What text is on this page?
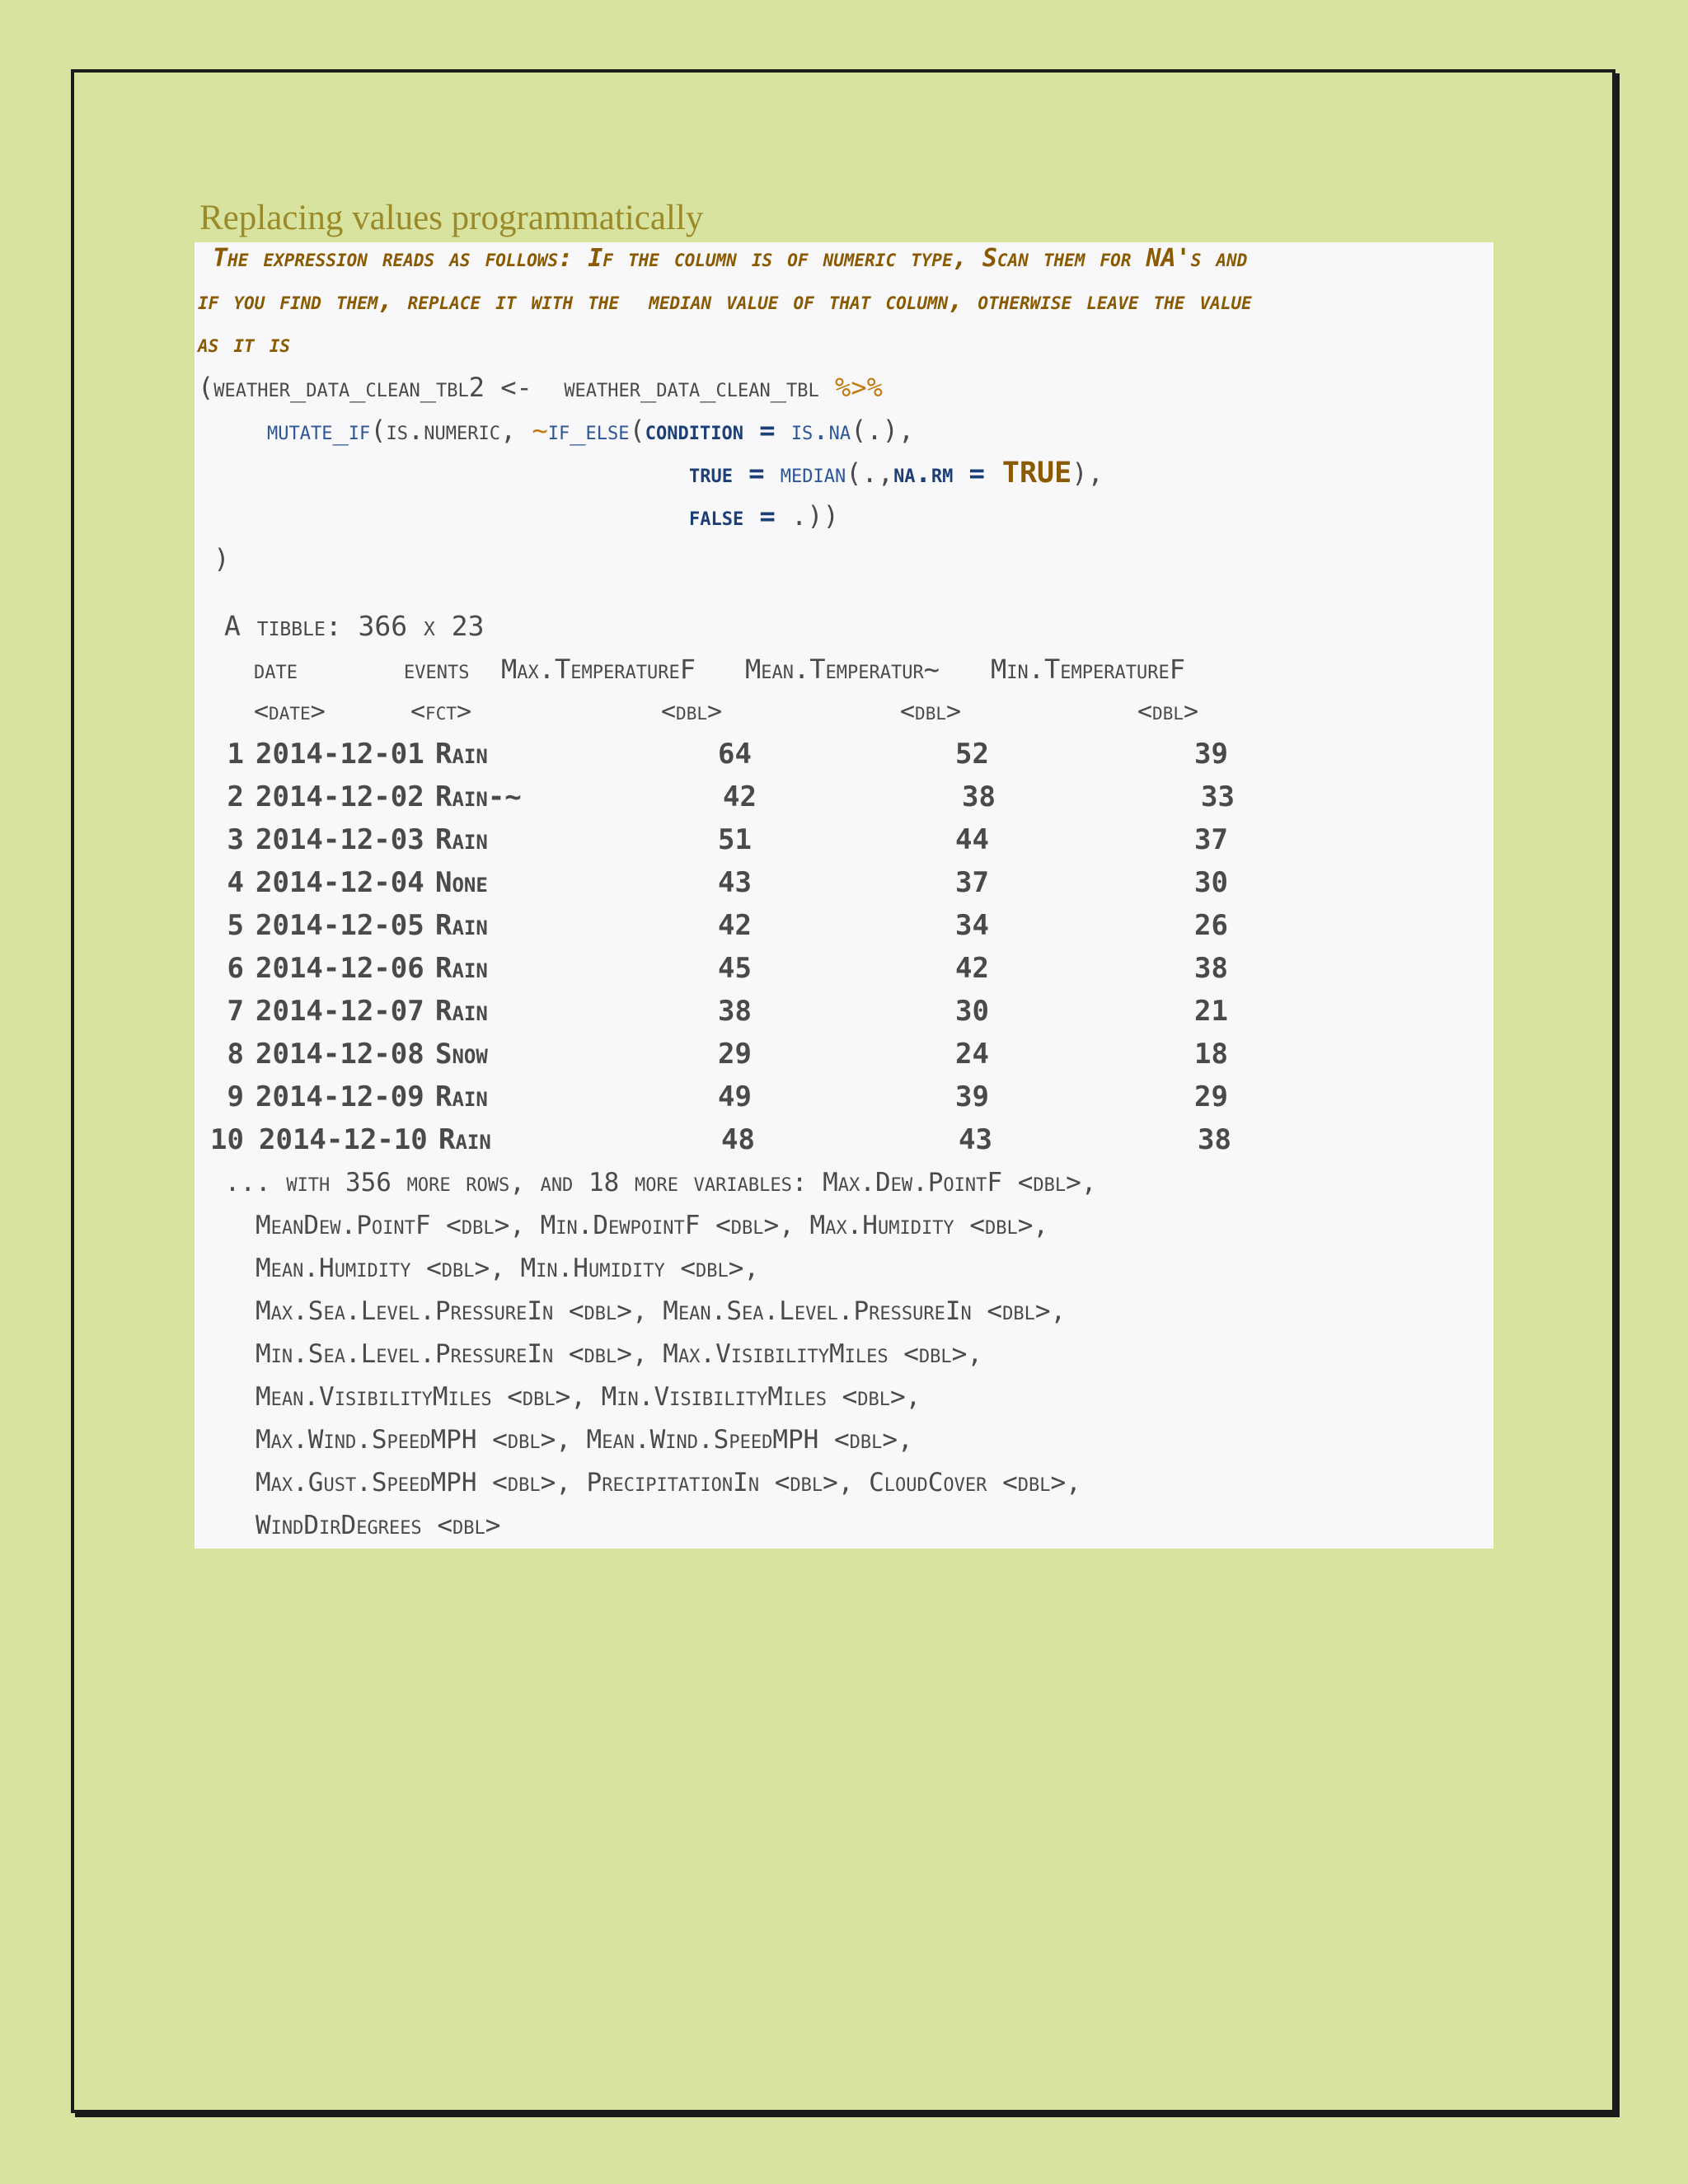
Replacing values programmatically
The expression reads as follows: If the column is of numeric type, Scan them for NA's and
if you find them, replace it with the  median value of that column, otherwise leave the value
as it is
(weather_data_clean_tbl2 <-  weather_data_clean_tbl %>%
mutate_if(is.numeric, ~if_else(condition = is.na(.),
true = median(.,na.rm = TRUE),
false = .))
)
A tibble: 366 x 23
date	events Max.TemperatureF Mean.Temperatur~ Min.TemperatureF
<date>	<fct>	<dbl>	<dbl>	<dbl>
1 2014-12-01 Rain	64	52	39
2 2014-12-02 Rain-~	42	38	33
3 2014-12-03 Rain	51	44	37
4 2014-12-04 None	43	37	30
5 2014-12-05 Rain	42	34	26
6 2014-12-06 Rain	45	42	38
7 2014-12-07 Rain	38	30	21
8 2014-12-08 Snow	29	24	18
9 2014-12-09 Rain	49	39	29
10 2014-12-10 Rain	48	43	38
... with 356 more rows, and 18 more variables: Max.Dew.PointF <dbl>,
MeanDew.PointF <dbl>, Min.DewpointF <dbl>, Max.Humidity <dbl>,
Mean.Humidity <dbl>, Min.Humidity <dbl>,
Max.Sea.Level.PressureIn <dbl>, Mean.Sea.Level.PressureIn <dbl>,
Min.Sea.Level.PressureIn <dbl>, Max.VisibilityMiles <dbl>,
Mean.VisibilityMiles <dbl>, Min.VisibilityMiles <dbl>,
Max.Wind.SpeedMPH <dbl>, Mean.Wind.SpeedMPH <dbl>,
Max.Gust.SpeedMPH <dbl>, PrecipitationIn <dbl>, CloudCover <dbl>,
WindDirDegrees <dbl>
